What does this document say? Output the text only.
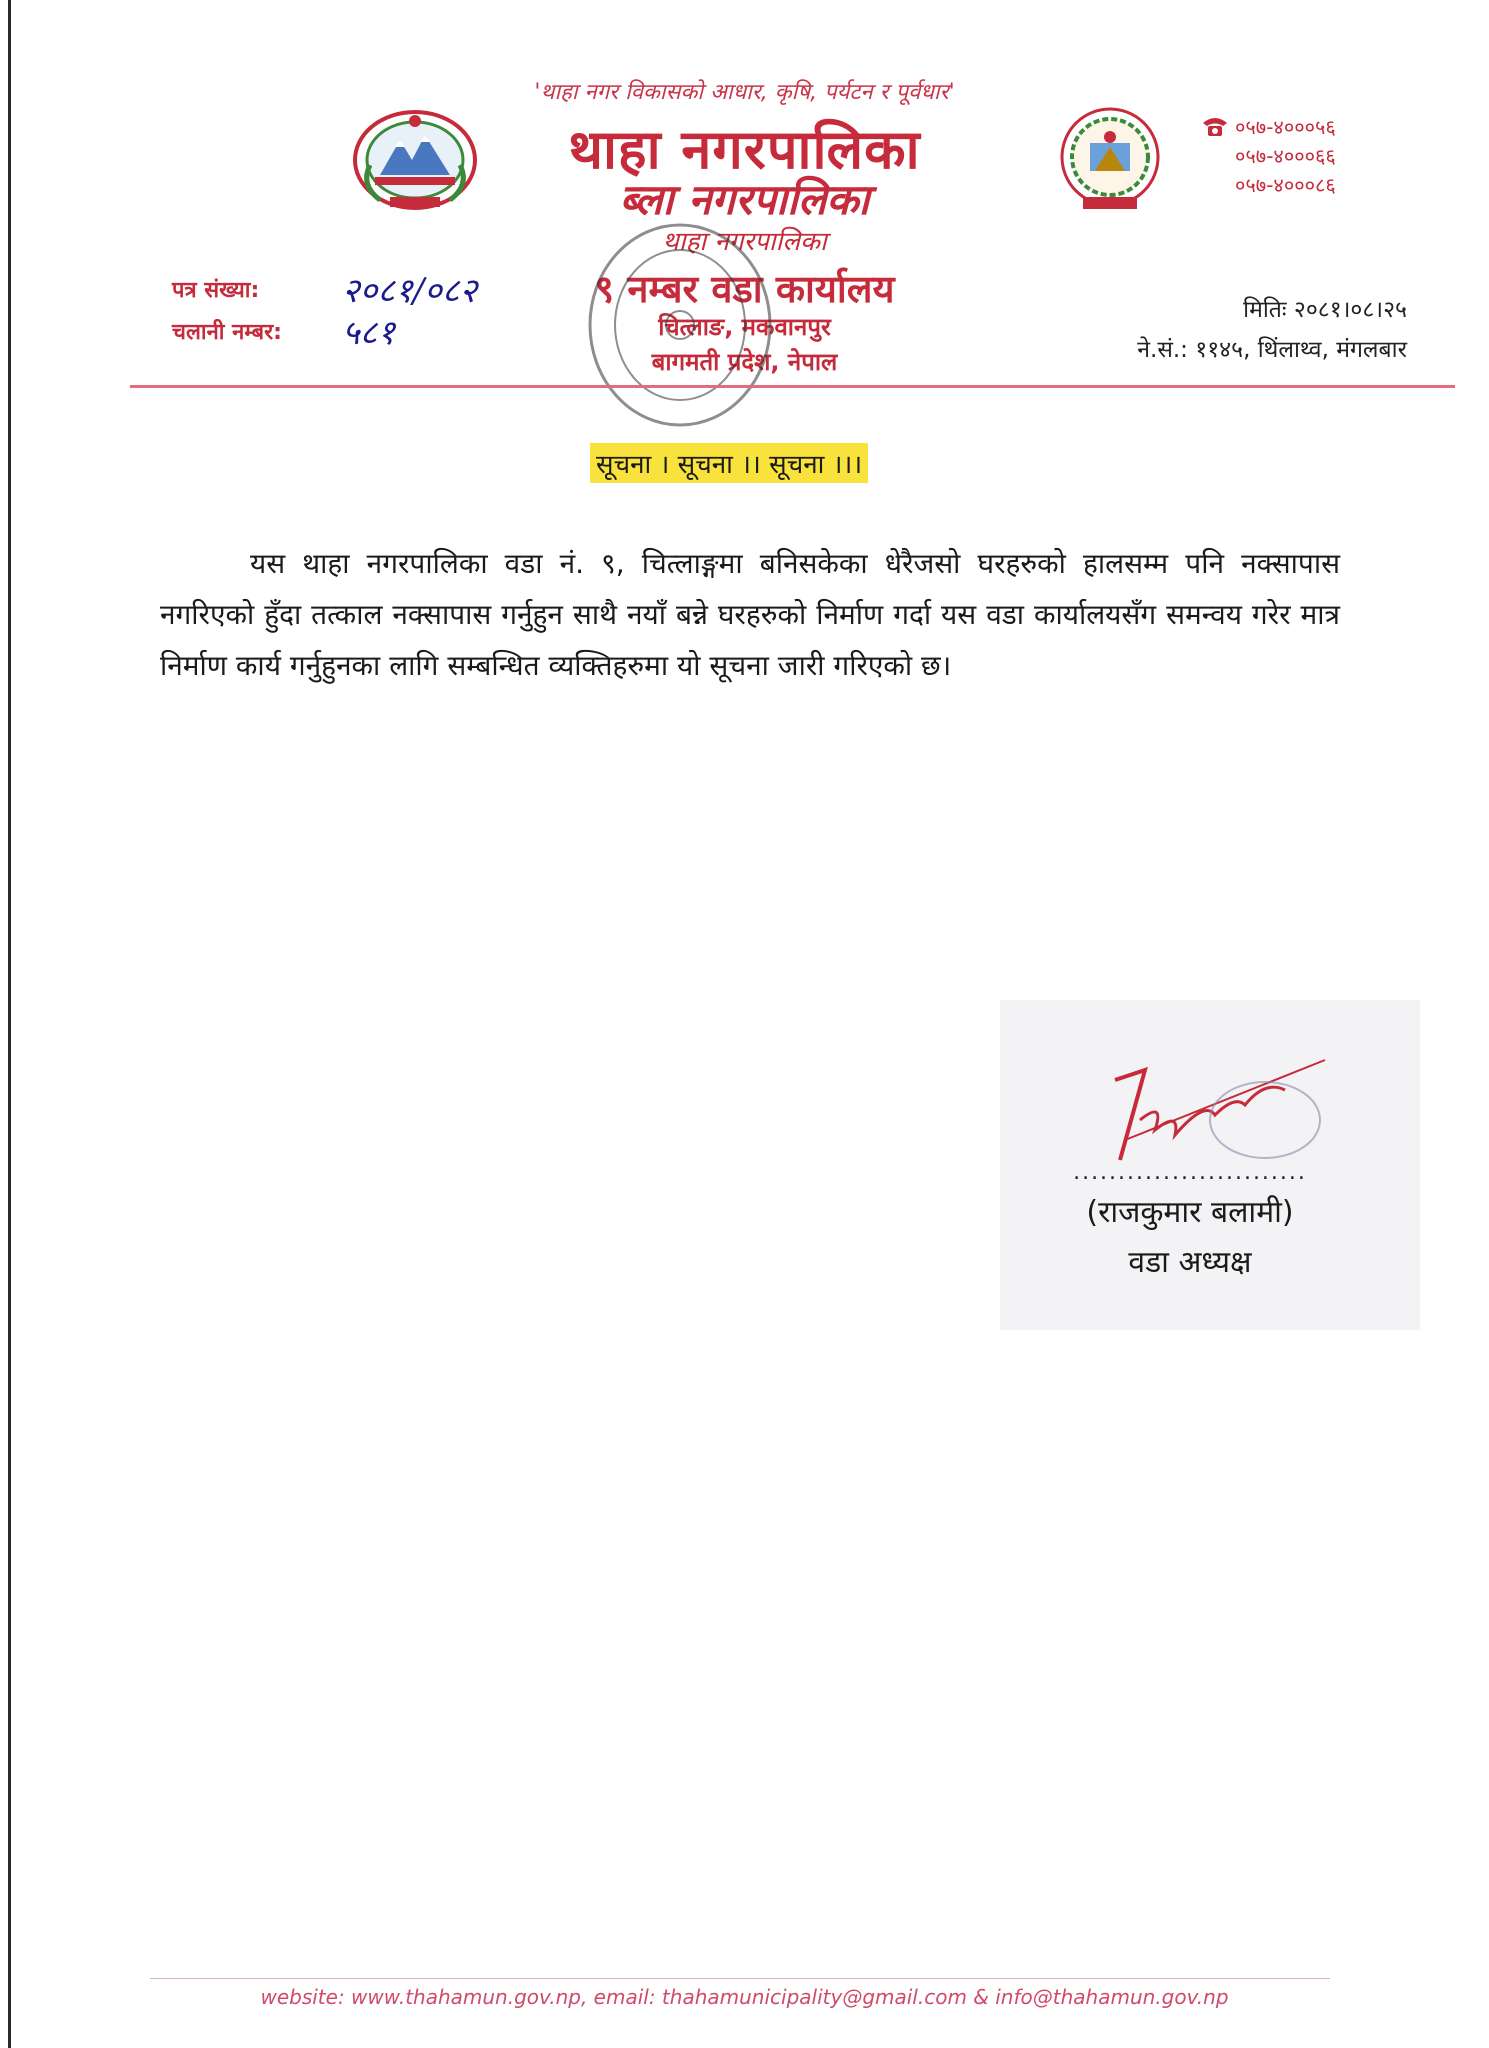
'थाहा नगर विकासको आधार, कृषि, पर्यटन र पूर्वधार'
थाहा नगरपालिका
ब्ला नगरपालिका
थाहा नगरपालिका
९ नम्बर वडा कार्यालय
चित्लाङ, मकवानपुर
बागमती प्रदेश, नेपाल
०५७-४०००५६
०५७-४०००६६
०५७-४०००८६
पत्र संख्या:	२०८१/०८२
चलानी नम्बर:	५८१
मितिः २०८१।०८।२५
ने.सं.: ११४५, थिंलाथ्व, मंगलबार
सूचना । सूचना ।। सूचना ।।।
यस थाहा नगरपालिका वडा नं. ९, चित्लाङ्गमा बनिसकेका धेरैजसो घरहरुको हालसम्म पनि नक्सापास नगरिएको हुँदा तत्काल नक्सापास गर्नुहुन साथै नयाँ बन्ने घरहरुको निर्माण गर्दा यस वडा कार्यालयसँग समन्वय गरेर मात्र निर्माण कार्य गर्नुहुनका लागि सम्बन्धित व्यक्तिहरुमा यो सूचना जारी गरिएको छ।
..........................
(राजकुमार बलामी)
वडा अध्यक्ष
website: www.thahamun.gov.np, email: thahamunicipality@gmail.com & info@thahamun.gov.np
